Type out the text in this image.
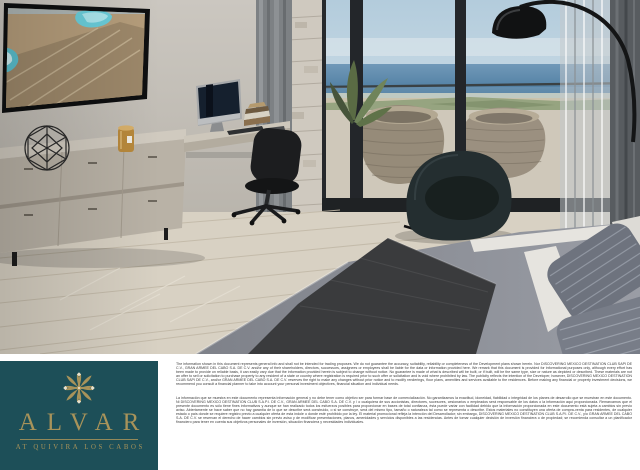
ALVAR
AT QUIVIRA LOS CABOS

The information shown in this document represents general info and shall not be intended for trading proposes. We do not guarantee the accuracy, suitability, reliability or completeness of the Development plans shown herein. Nor DISCOVERING MEXICO DESTINATION CLUB SAPI DE C.V., GRAN ARMEE DEL CABO S.A. DE C.V. and/or any of their shareholders, directors, successors, assignees or employees shall be liable for the data or information provided here. We remark that this document is provided for informational purposes only, although every effort has been made to provide on reliable basis, it can easily vary due that the information provided herein is subject to change without notice. No guarantee is made of what is described will be built, or if built, will be the same type, size or nature as depicted or described. These materials are not an offer to sell or solicitation to purchase property to any resident of a state or country where registration is required prior to such offer or solicitation and is void where prohibited by law. The publicity reflects the intention of the Developer, however, DISCOVERING MEXICO DESTINATION CLUB SAPI DE C.V., and/or GRAN ARMEE DEL CABO S.A. DE C.V. reserves the right to make any changes without prior notice and to modify renderings, floor plans, amenities and services available to the residences. Before making any financial or property investment decisions, we recommend you consult a financial planner to take into account your personal investment objectives, financial situation and individual needs.

La información que se muestra en este documento representa información general y no debe tener como objetivo ser para formar base de comercialización. No garantizamos la exactitud, idoneidad, fiabilidad o integridad de los planes de desarrollo que se muestran en este documento. Ni DISCOVERING MEXICO DESTINATION CLUB S.A.P.I. DE C.V., GRAN ARMEE DEL CABO S.A. DE C.V. y / o cualquiera de sus accionistas, directores, sucesores, cesionarios o empleados será responsable de los datos o la información aquí proporcionada. Remarcamos que el presente documento es sólo tiene fines informativos y aunque se han realizado todos los esfuerzos posibles para proporcionar en bases de total confianza, ésta puede variar con facilidad debido que la información proporcionada en este documento está sujeta a cambios sin previo aviso. Abiertamente se hace saber que no hay garantía de lo que se describe será construido, o si se construye, será del mismo tipo, tamaño o naturaleza tal como se representa o describe. Estos materiales no constituyen una oferta de compra-venta para residentes, de cualquier estado o país donde se requiere registro previo a cualquier oferta de esta índole o donde esté prohibido por la ley. El material promocional refleja la intención del Desarrollador; sin embargo, DISCOVERING MEXICO DESTINATION CLUB S.A.P.I. DE C.V., y/o GRAN ARMEE DEL CABO S.A. DE C.V. se reservan el derecho de hacer cambios sin previo aviso y de modificar presentaciones, planos, amenidades y servicios disponibles a las residencias. Antes de tomar cualquier decisión de inversión financiera o de propiedad; se recomienda consultar a un planificador financiero para tener en cuenta sus objetivos personales de inversión, situación financiera y necesidades individuales.
